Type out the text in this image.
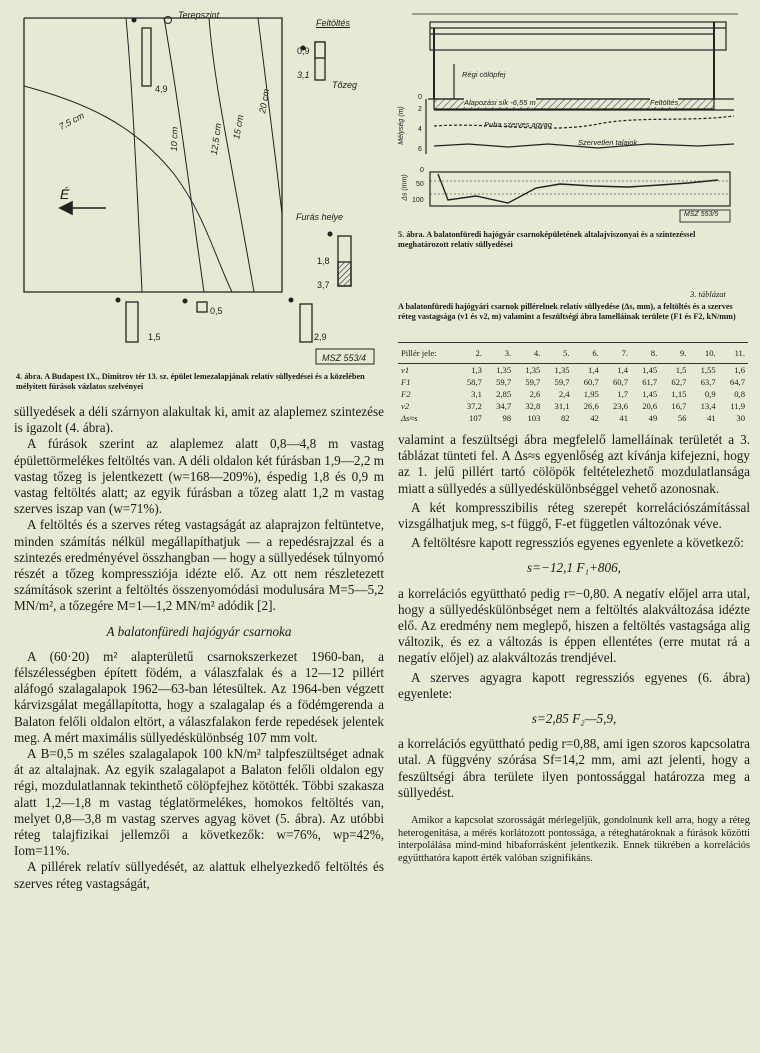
Terepszint
Feltöltés
0,9
3,1
Tőzeg
4,9
Furás helye
1,8
3,7
0,5
1,5	2,9
7,5 cm
10 cm	12,5 cm 15 cm
20 cm
É
MSZ 553/4
4. ábra. A Budapest IX., Dimitrov tér 13. sz. épület lemezalapjának relatív süllyedései és a közelében mélyített fúrások vázlatos szelvényei
Régi cölöpfej
Alapozási sík -6,55 m	Feltöltés
Puha szerves agyag
Szervetlen talajok
Mélység (m)
Δs (mm)
0
2
4
6
0
50
100
MSZ 553/5
5. ábra. A balatonfüredi hajógyár csarnoképületének altalajviszonyai és a szintezéssel meghatározott relatív süllyedései
3. táblázat
A balatonfüredi hajógyári csarnok pillérelnek relatív süllyedése (Δs, mm), a feltöltés és a szerves réteg vastagsága (v1 és v2, m) valamint a feszültségi ábra lamelláinak területe (F1 és F2, kN/mm)
Pillér jele:	2.	3.	4.	5.	6.	7.	8.	9.	10.	11.
v1	1,3	1,35	1,35	1,35	1,4	1,4	1,45	1,5	1,55	1,6
F1	58,7	59,7	59,7	59,7	60,7	60,7	61,7	62,7	63,7	64,7
F2	3,1	2,85	2,6	2,4	1,95	1,7	1,45	1,15	0,9	0,8
v2	37,2	34,7	32,8	31,1	26,6	23,6	20,6	16,7	13,4	11,9
Δs≈s	107	98	103	82	42	41	49	56	41	30

süllyedések a déli szárnyon alakultak ki, amit az alaplemez szintezése is igazolt (4. ábra).

A fúrások szerint az alaplemez alatt 0,8—4,8 m vastag épülettörmelékes feltöltés van. A déli oldalon két fúrásban 1,9—2,2 m vastag tőzeg is jelentkezett (w=168—209%), éspedig 1,8 és 0,9 m vastag feltöltés alatt; az egyik fúrásban a tőzeg alatt 1,2 m vastag szerves iszap van (w=71%).

A feltöltés és a szerves réteg vastagságát az alaprajzon feltüntetve, minden számítás nélkül megállapíthatjuk — a repedésrajzzal és a szintezés eredményével összhangban — hogy a süllyedések túlnyomó részét a tőzeg kompressziója idézte elő. Az ott nem részletezett számítások szerint a feltöltés összenyomódási modulusára M=5—5,2 MN/m², a tőzegére M=1—1,2 MN/m² adódik [2].

A balatonfüredi hajógyár csarnoka

A (60·20) m² alapterületű csarnokszerkezet 1960-ban, a félszélességben épített födém, a válaszfalak és a 12—12 pillért aláfogó szalagalapok 1962—63-ban létesültek. Az 1964-ben végzett kárvizsgálat megállapította, hogy a szalagalap és a födémgerenda a Balaton felőli oldalon eltört, a válaszfalakon ferde repedések jelentek meg. A mért maximális süllyedéskülönbség 107 mm volt.

A B=0,5 m széles szalagalapok 100 kN/m² talpfeszültséget adnak át az altalajnak. Az egyik szalagalapot a Balaton felőli oldalon egy régi, mozdulatlannak tekinthető cölöpfejhez kötötték. Többi szakasza alatt 1,2—1,8 m vastag téglatörmelékes, homokos feltöltés van, melyet 0,8—3,8 m vastag szerves agyag követ (5. ábra). Az utóbbi réteg talajfizikai jellemzői a következők: w=76%, wp=42%, Iom=11%.

A pillérek relatív süllyedését, az alattuk elhelyezkedő feltöltés és szerves réteg vastagságát,

valamint a feszültségi ábra megfelelő lamelláinak területét a 3. táblázat tünteti fel. A Δs≈s egyenlőség azt kívánja kifejezni, hogy az 1. jelű pillért tartó cölöpök feltételezhető mozdulatlansága miatt a süllyedés a süllyedéskülönbséggel vehető azonosnak.

A két kompresszibilis réteg szerepét korrelációszámítással vizsgálhatjuk meg, s-t függő, F-et független változónak véve.

A feltöltésre kapott regressziós egyenes egyenlete a következő:

s=−12,1 F₁+806,

a korrelációs együttható pedig r=−0,80. A negatív előjel arra utal, hogy a süllyedéskülönbséget nem a feltöltés alakváltozása idézte elő. Az eredmény nem meglepő, hiszen a feltöltés vastagsága alig változik, és ez a változás is éppen ellentétes (erre mutat rá a negatív előjel) az alakváltozás trendjével.

A szerves agyagra kapott regressziós egyenes (6. ábra) egyenlete:

s=2,85 F₂—5,9,

a korrelációs együttható pedig r=0,88, ami igen szoros kapcsolatra utal. A függvény szórása Sf=14,2 mm, ami azt jelenti, hogy a feszültségi ábra területe ilyen pontossággal határozza meg a süllyedést.

Amikor a kapcsolat szorosságát mérlegeljük, gondolnunk kell arra, hogy a réteg heterogenitása, a mérés korlátozott pontossága, a réteghatároknak a fúrások közötti interpolálása mind-mind hibaforrásként jelentkezik. Ennek tükrében a korrelációs együtthatóra kapott érték valóban szignifikáns.
